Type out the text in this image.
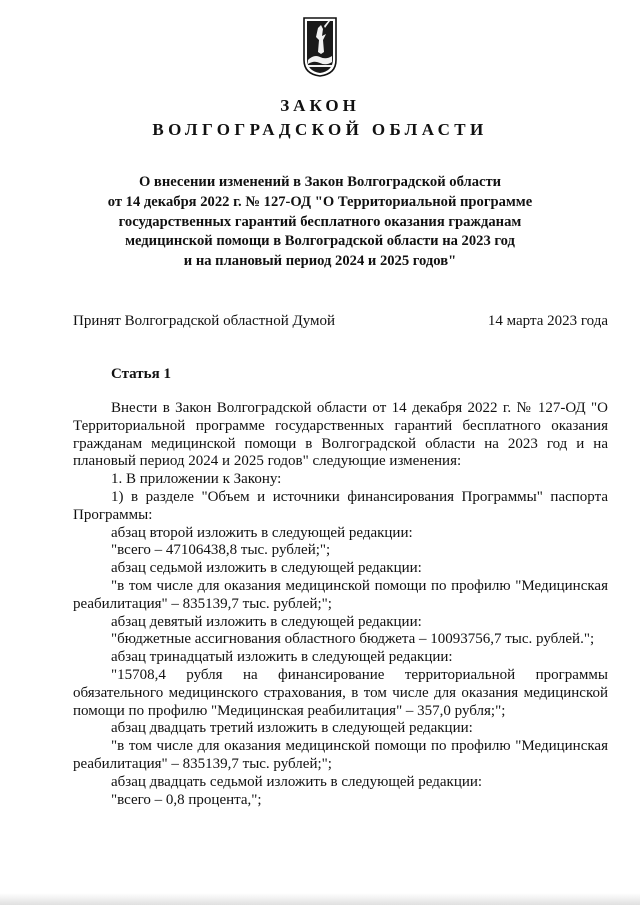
ЗАКОН
ВОЛГОГРАДСКОЙ ОБЛАСТИ
О внесении изменений в Закон Волгоградской области
от 14 декабря 2022 г. № 127-ОД "О Территориальной программе
государственных гарантий бесплатного оказания гражданам
медицинской помощи в Волгоградской области на 2023 год
и на плановый период 2024 и 2025 годов"
Принят Волгоградской областной Думой	14 марта 2023 года
Статья 1

Внести в Закон Волгоградской области от 14 декабря 2022 г. № 127-ОД "О Территориальной программе государственных гарантий бесплатного оказания гражданам медицинской помощи в Волгоградской области на 2023 год и на плановый период 2024 и 2025 годов" следующие изменения:

1. В приложении к Закону:

1) в разделе "Объем и источники финансирования Программы" паспорта Программы:

абзац второй изложить в следующей редакции:

"всего – 47106438,8 тыс. рублей;";

абзац седьмой изложить в следующей редакции:

"в том числе для оказания медицинской помощи по профилю "Медицинская реабилитация" – 835139,7 тыс. рублей;";

абзац девятый изложить в следующей редакции:

"бюджетные ассигнования областного бюджета – 10093756,7 тыс. рублей.";

абзац тринадцатый изложить в следующей редакции:

"15708,4 рубля на финансирование территориальной программы обязательного медицинского страхования, в том числе для оказания медицинской помощи по профилю "Медицинская реабилитация" – 357,0 рубля;";

абзац двадцать третий изложить в следующей редакции:

"в том числе для оказания медицинской помощи по профилю "Медицинская реабилитация" – 835139,7 тыс. рублей;";

абзац двадцать седьмой изложить в следующей редакции:

"всего – 0,8 процента,";
